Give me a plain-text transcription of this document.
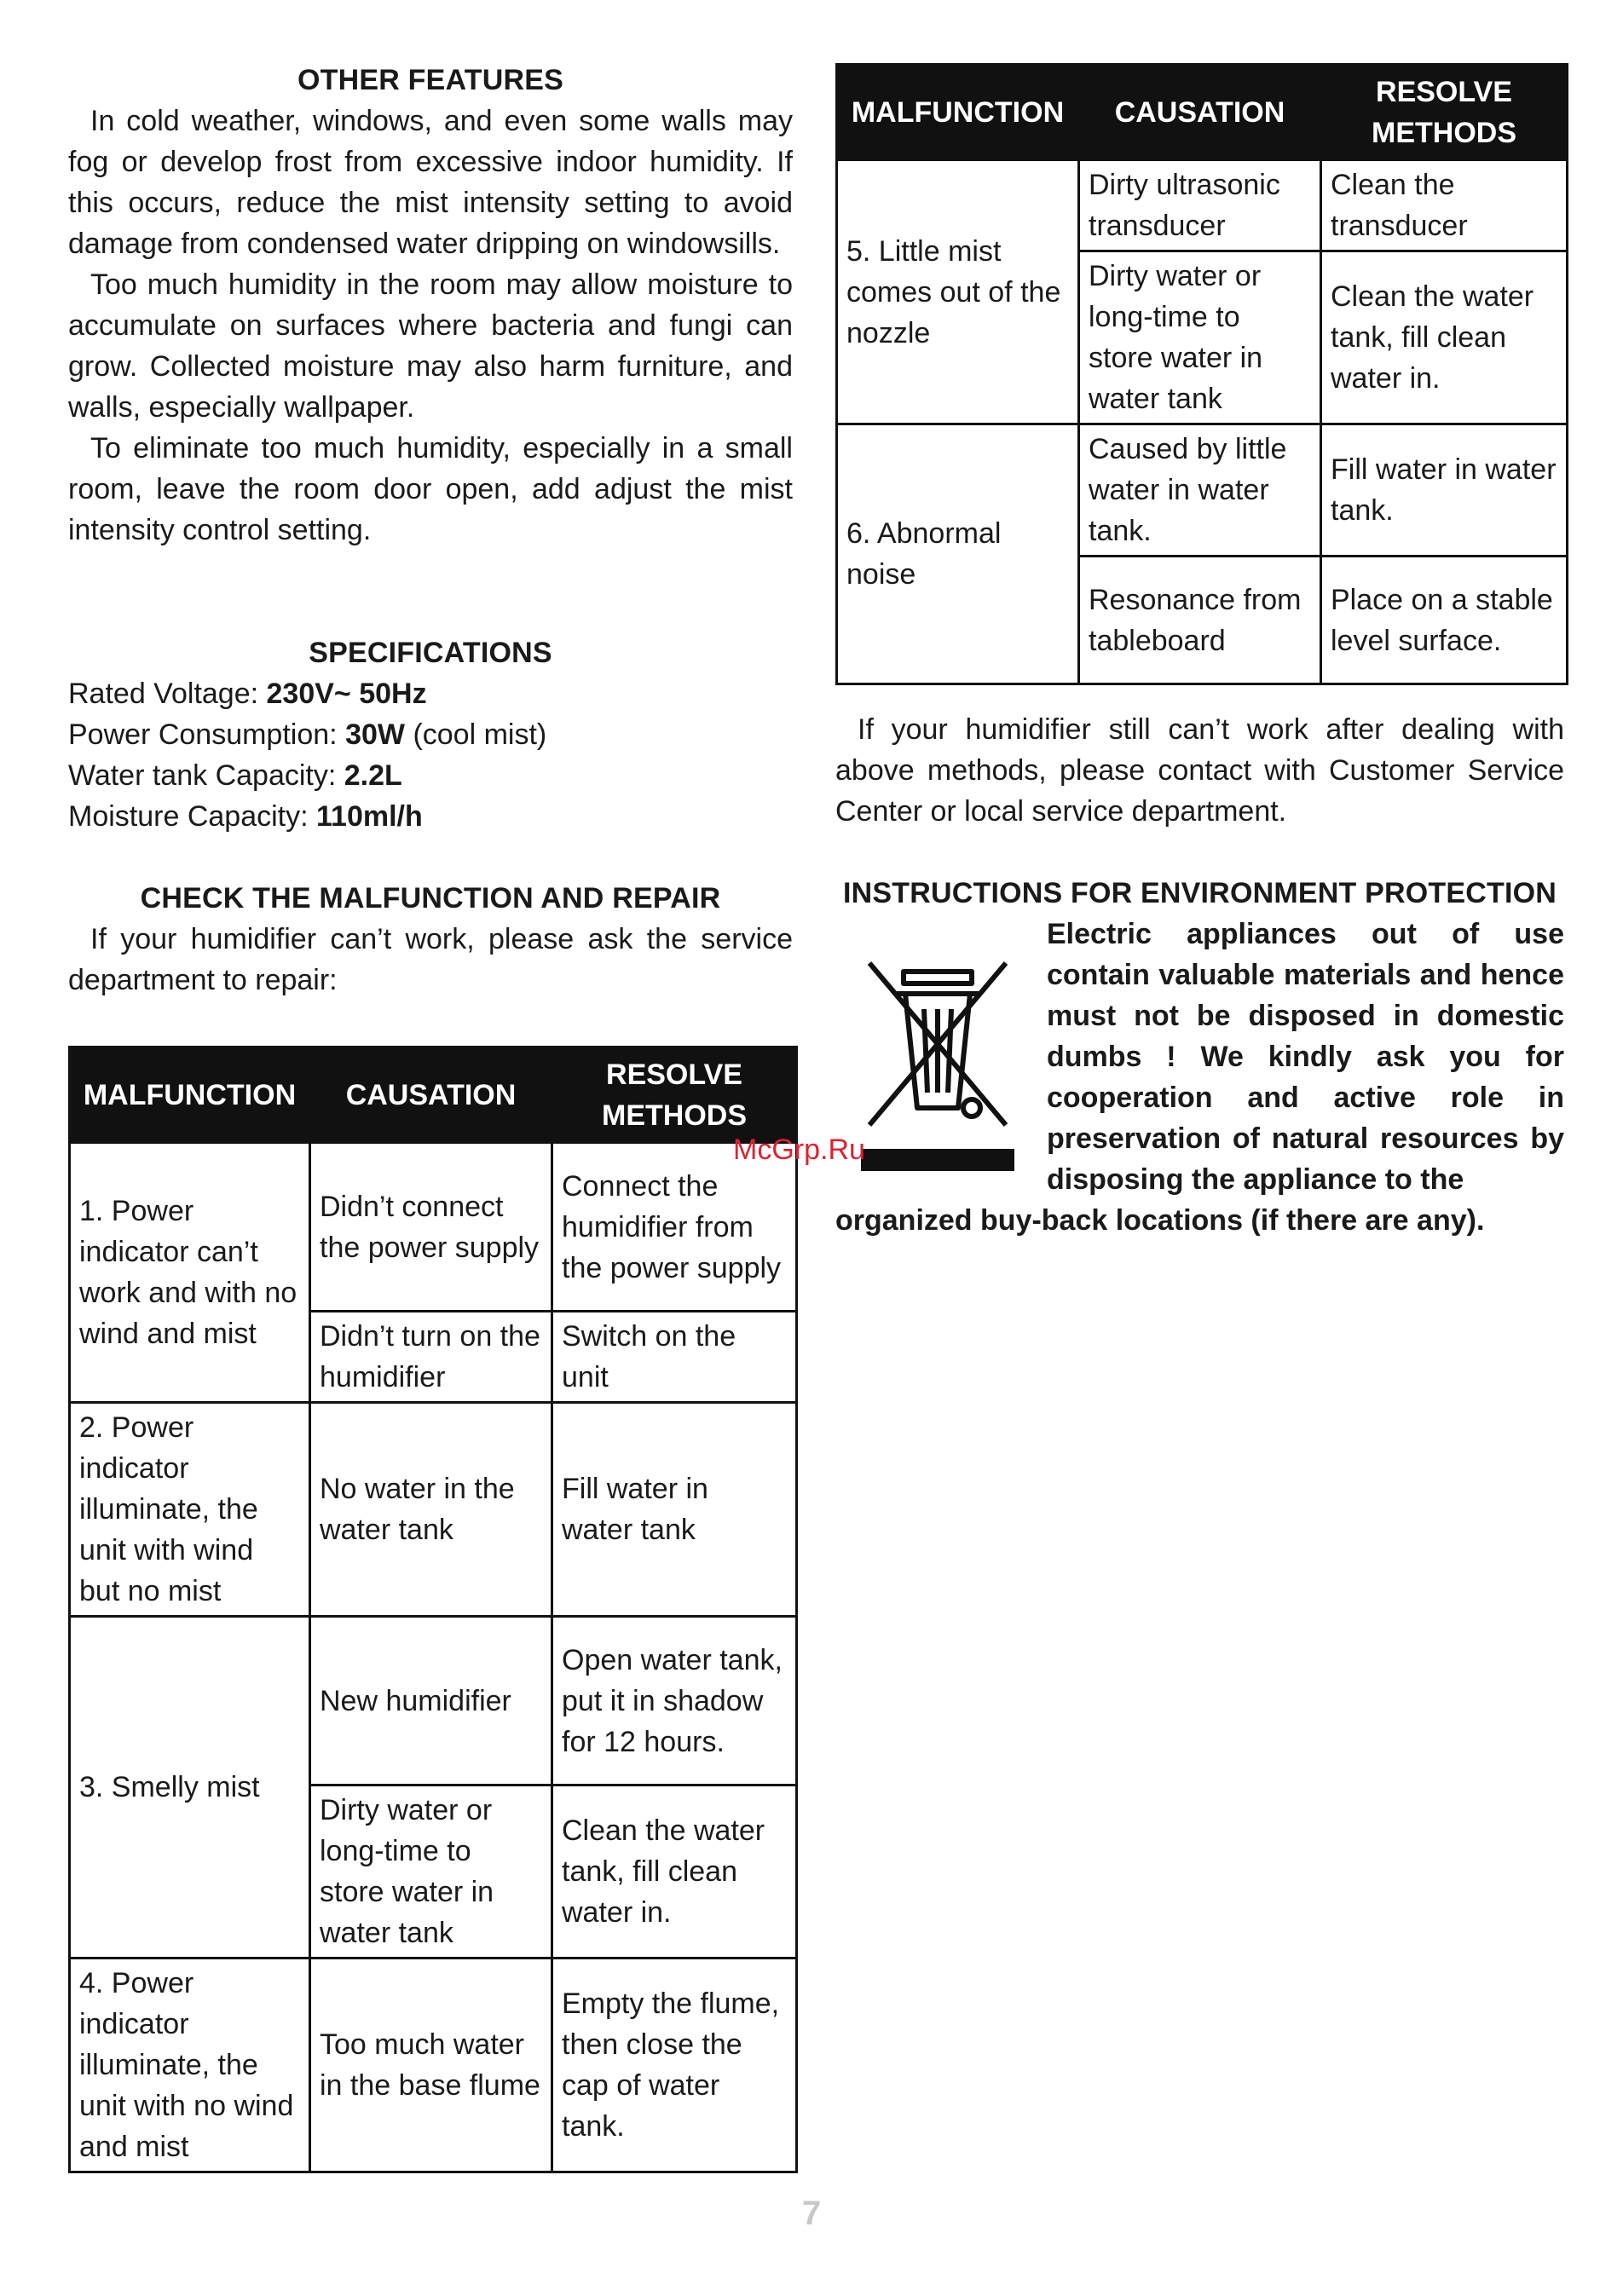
OTHER FEATURES

In cold weather, windows, and even some walls may fog or develop frost from excessive indoor humidity. If this occurs, reduce the mist intensity setting to avoid damage from condensed water dripping on windowsills.

Too much humidity in the room may allow moisture to accumulate on surfaces where bacteria and fungi can grow. Collected moisture may also harm furniture, and walls, especially wallpaper.

To eliminate too much humidity, especially in a small room, leave the room door open, add adjust the mist intensity control setting.

SPECIFICATIONS
Rated Voltage: 230V~ 50Hz
Power Consumption: 30W (cool mist)
Water tank Capacity: 2.2L
Moisture Capacity: 110ml/h
CHECK THE MALFUNCTION AND REPAIR

If your humidifier can’t work, please ask the service department to repair:

MALFUNCTION	CAUSATION	RESOLVE METHODS
1. Power indicator can’t work and with no wind and mist	Didn’t connect the power supply	Connect the humidifier from the power supply
	Didn’t turn on the humidifier	Switch on the unit
2. Power indicator illuminate, the unit with wind but no mist	No water in the water tank	Fill water in water tank
3. Smelly mist	New humidifier	Open water tank, put it in shadow for 12 hours.
	Dirty water or long-time to store water in water tank	Clean the water tank, fill clean water in.
4. Power indicator illuminate, the unit with no wind and mist	Too much water in the base flume	Empty the flume, then close the cap of water tank.
MALFUNCTION	CAUSATION	RESOLVE METHODS
5. Little mist comes out of the nozzle	Dirty ultrasonic transducer	Clean the transducer
	Dirty water or long-time to store water in water tank	Clean the water tank, fill clean water in.
6. Abnormal noise	Caused by little water in water tank.	Fill water in water tank.
	Resonance from tableboard	Place on a stable level surface.

If your humidifier still can’t work after dealing with above methods, please contact with Customer Service Center or local service department.

INSTRUCTIONS FOR ENVIRONMENT PROTECTION
Electric appliances out of use contain valuable materials and hence must not be disposed in domestic dumbs ! We kindly ask you for cooperation and active role in preservation of natural resources by disposing the appliance to the
organized buy-back locations (if there are any).
McGrp.Ru
7
